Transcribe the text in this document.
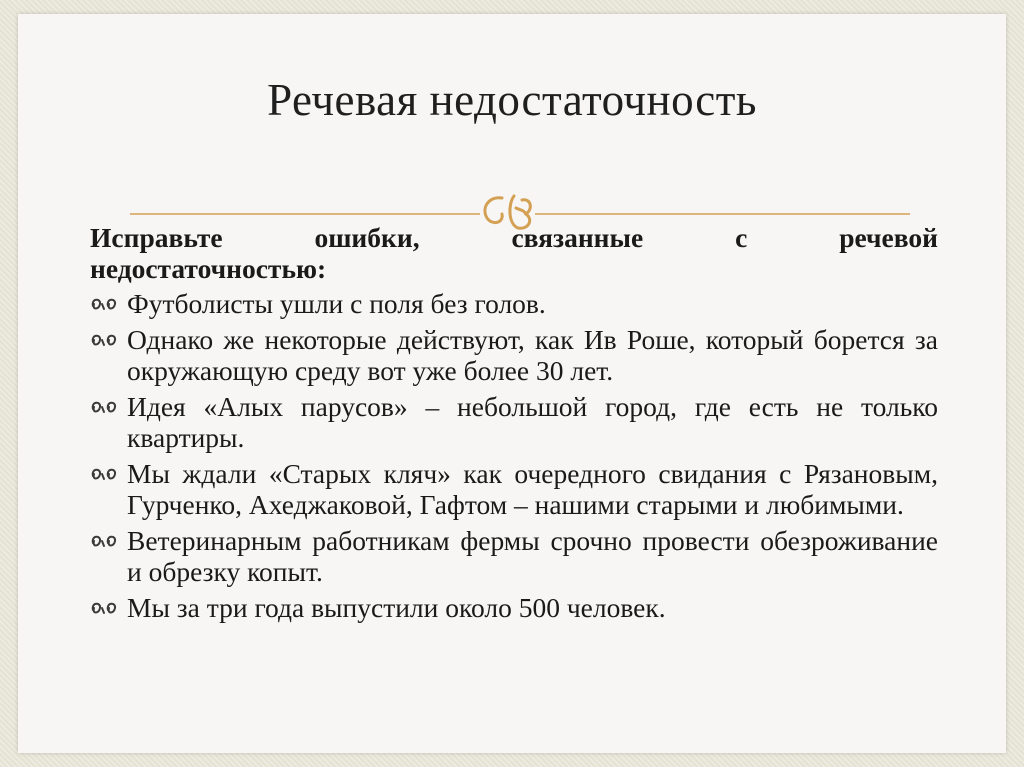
Речевая недостаточность
Исправьте ошибки, связанные с речевой
недостаточностью:
Футболисты ушли с поля без голов.
Однако же некоторые действуют, как Ив Роше, который борется за окружающую среду вот уже более 30 лет.
Идея «Алых парусов» – небольшой город, где есть не только квартиры.
Мы ждали «Старых кляч» как очередного свидания с Рязановым, Гурченко, Ахеджаковой, Гафтом – нашими старыми и любимыми.
Ветеринарным работникам фермы срочно провести обезроживание и обрезку копыт.
Мы за три года выпустили около 500 человек.
